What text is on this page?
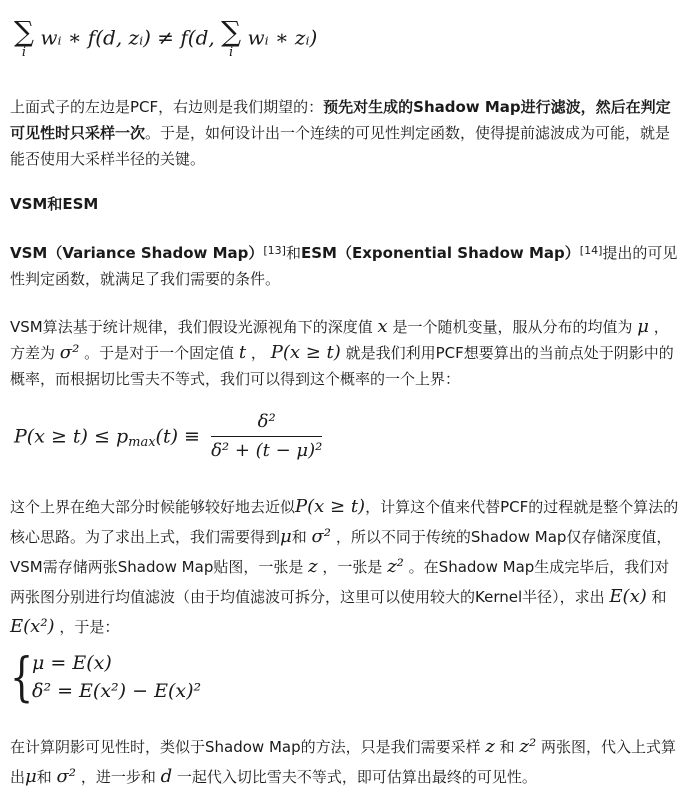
∑
i
wᵢ ∗ f(d, zᵢ) ≠ f(d, ∑
i
wᵢ ∗ zᵢ)
上面式子的左边是PCF，右边则是我们期望的：预先对生成的Shadow Map进行滤波，然后在判定可见性时只采样一次。于是，如何设计出一个连续的可见性判定函数，使得提前滤波成为可能，就是能否使用大采样半径的关键。
VSM和ESM
VSM（Variance Shadow Map）[13]和ESM（Exponential Shadow Map）[14]提出的可见性判定函数，就满足了我们需要的条件。
VSM算法基于统计规律，我们假设光源视角下的深度值 x 是一个随机变量，服从分布的均值为 μ ，方差为 σ² 。于是对于一个固定值 t ， P(x ≥ t) 就是我们利用PCF想要算出的当前点处于阴影中的概率，而根据切比雪夫不等式，我们可以得到这个概率的一个上界：
$P(x \ge t) \le p_{max}(t) \equiv \frac{\text{δ²}}{\text{δ² + (t − μ)²}}$
这个上界在绝大部分时候能够较好地去近似P(x ≥ t)，计算这个值来代替PCF的过程就是整个算法的核心思路。为了求出上式，我们需要得到μ和 σ² ，所以不同于传统的Shadow Map仅存储深度值，VSM需存储两张Shadow Map贴图，一张是 z ，一张是 z² 。在Shadow Map生成完毕后，我们对两张图分别进行均值滤波（由于均值滤波可拆分，这里可以使用较大的Kernel半径），求出 E(x) 和 E(x²) ，于是：
{
μ = E(x)
δ² = E(x²) − E(x)²
在计算阴影可见性时，类似于Shadow Map的方法，只是我们需要采样 z 和 z² 两张图，代入上式算出μ和 σ² ，进一步和 d 一起代入切比雪夫不等式，即可估算出最终的可见性。
